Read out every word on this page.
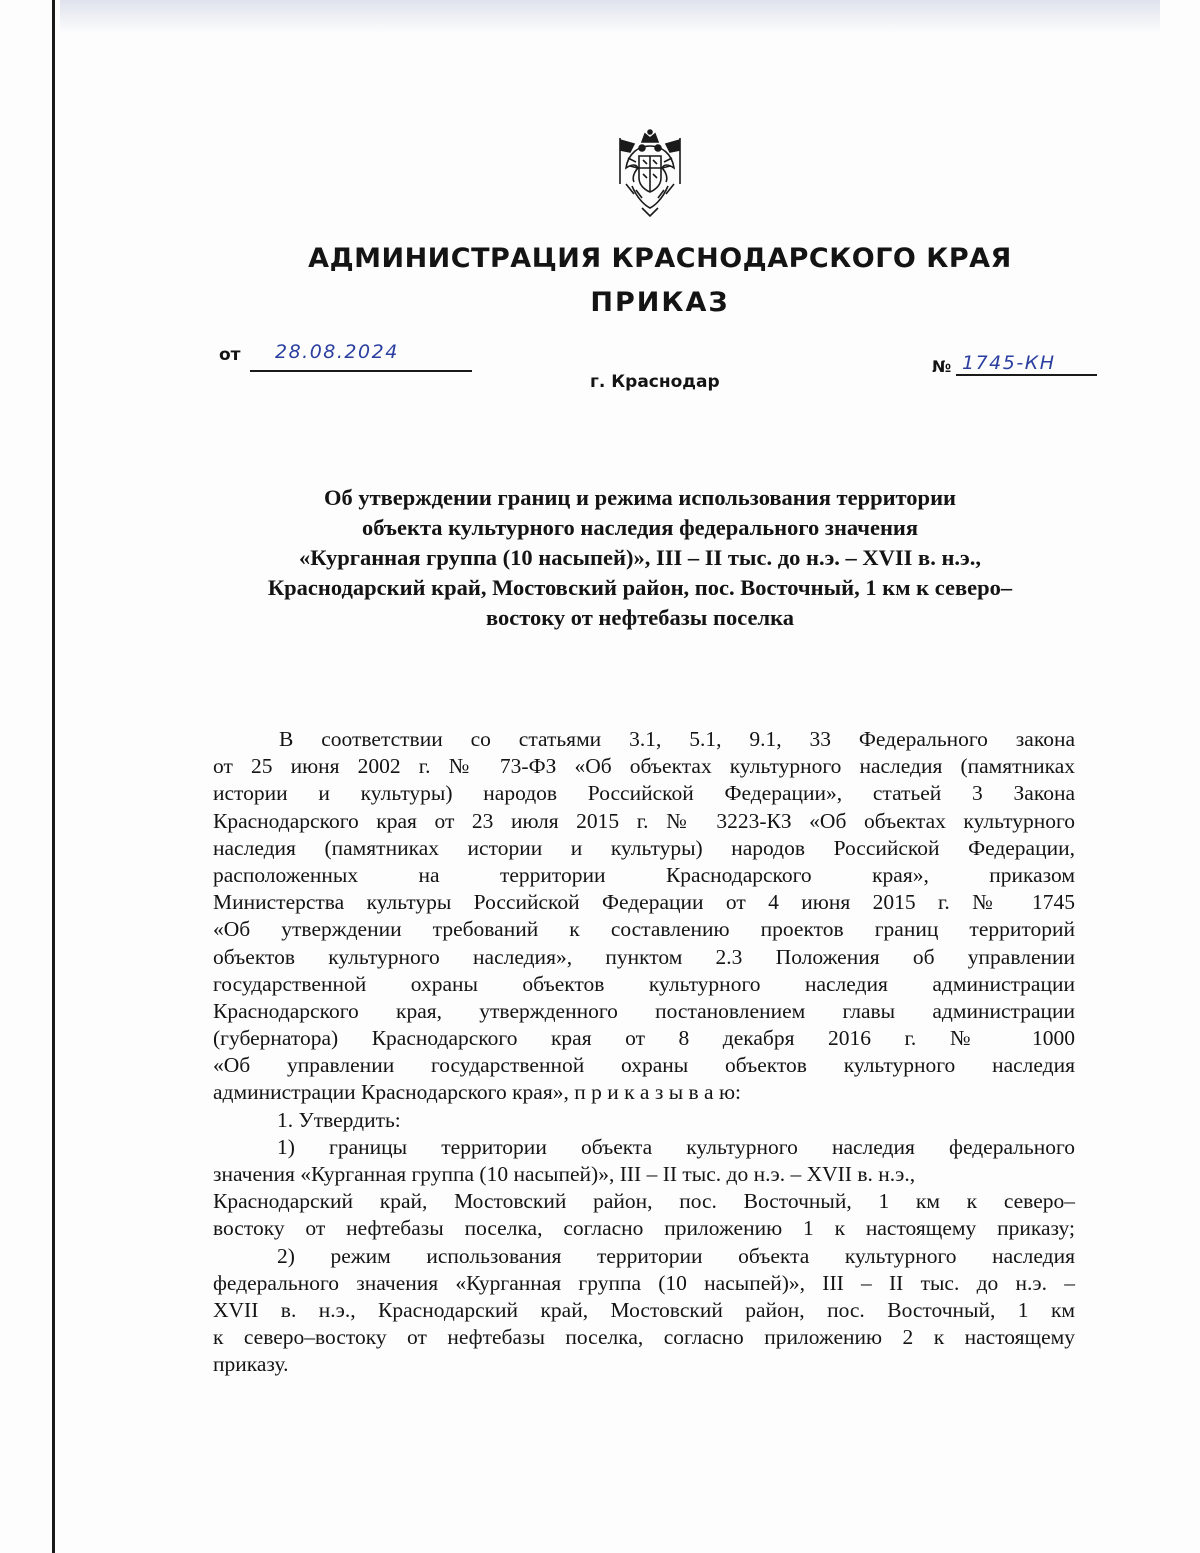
АДМИНИСТРАЦИЯ КРАСНОДАРСКОГО КРАЯ
ПРИКАЗ
от 28.08.2024
г. Краснодар
№ 1745-КН
Об утверждении границ и режима использования территории
объекта культурного наследия федерального значения
«Курганная группа (10 насыпей)», III – II тыс. до н.э. – XVII в. н.э.,
Краснодарский край, Мостовский район, пос. Восточный, 1 км к северо–
востоку от нефтебазы поселка
В соответствии со статьями 3.1, 5.1, 9.1, 33 Федерального закона
от 25 июня 2002 г. № 73-ФЗ «Об объектах культурного наследия (памятниках
истории и культуры) народов Российской Федерации», статьей 3 Закона
Краснодарского края от 23 июля 2015 г. № 3223-КЗ «Об объектах культурного
наследия (памятниках истории и культуры) народов Российской Федерации,
расположенных на территории Краснодарского края», приказом
Министерства культуры Российской Федерации от 4 июня 2015 г. № 1745
«Об утверждении требований к составлению проектов границ территорий
объектов культурного наследия», пунктом 2.3 Положения об управлении
государственной охраны объектов культурного наследия администрации
Краснодарского края, утвержденного постановлением главы администрации
(губернатора) Краснодарского края от 8 декабря 2016 г. № 1000
«Об управлении государственной охраны объектов культурного наследия
администрации Краснодарского края», п р и к а з ы в а ю:
1. Утвердить:
1) границы территории объекта культурного наследия федерального
значения «Курганная группа (10 насыпей)», III – II тыс. до н.э. – XVII в. н.э.,
Краснодарский край, Мостовский район, пос. Восточный, 1 км к северо–
востоку от нефтебазы поселка, согласно приложению 1 к настоящему приказу;
2) режим использования территории объекта культурного наследия
федерального значения «Курганная группа (10 насыпей)», III – II тыс. до н.э. –
XVII в. н.э., Краснодарский край, Мостовский район, пос. Восточный, 1 км
к северо–востоку от нефтебазы поселка, согласно приложению 2 к настоящему
приказу.
